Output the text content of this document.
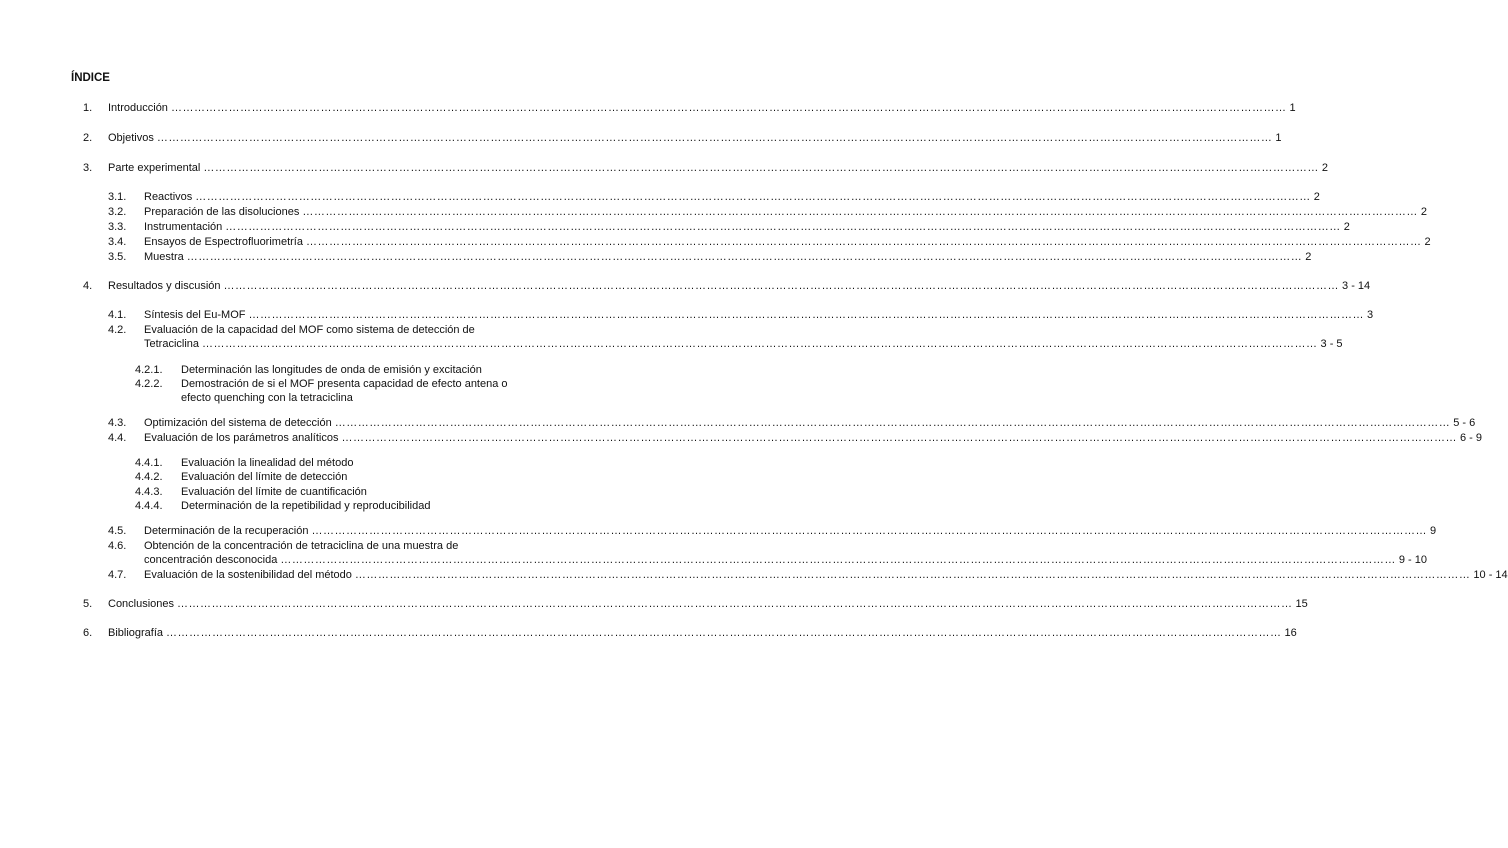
ÍNDICE
1. Introducción ………………………………………………………………………………………………………………………………………………………………………………………………………………………………………………………………… 1
2. Objetivos ………………………………………………………………………………………………………………………………………………………………………………………………………………………………………………………………… 1
3. Parte experimental ………………………………………………………………………………………………………………………………………………………………………………………………………………………………………………………………… 2
3.1. Reactivos ………………………………………………………………………………………………………………………………………………………………………………………………………………………………………………………………… 2
3.2. Preparación de las disoluciones ………………………………………………………………………………………………………………………………………………………………………………………………………………………………………………………………… 2
3.3. Instrumentación ………………………………………………………………………………………………………………………………………………………………………………………………………………………………………………………………… 2
3.4. Ensayos de Espectrofluorimetría ………………………………………………………………………………………………………………………………………………………………………………………………………………………………………………………………… 2
3.5. Muestra ………………………………………………………………………………………………………………………………………………………………………………………………………………………………………………………………… 2
4. Resultados y discusión ………………………………………………………………………………………………………………………………………………………………………………………………………………………………………………………………… 3 - 14
4.1. Síntesis del Eu-MOF ………………………………………………………………………………………………………………………………………………………………………………………………………………………………………………………………… 3
4.2. Evaluación de la capacidad del MOF como sistema de detección de
Tetraciclina ………………………………………………………………………………………………………………………………………………………………………………………………………………………………………………………………… 3 - 5
4.2.1. Determinación las longitudes de onda de emisión y excitación
4.2.2. Demostración de si el MOF presenta capacidad de efecto antena o
efecto quenching con la tetraciclina
4.3. Optimización del sistema de detección ………………………………………………………………………………………………………………………………………………………………………………………………………………………………………………………………… 5 - 6
4.4. Evaluación de los parámetros analíticos ………………………………………………………………………………………………………………………………………………………………………………………………………………………………………………………………… 6 - 9
4.4.1. Evaluación la linealidad del método
4.4.2. Evaluación del límite de detección
4.4.3. Evaluación del límite de cuantificación
4.4.4. Determinación de la repetibilidad y reproducibilidad
4.5. Determinación de la recuperación ………………………………………………………………………………………………………………………………………………………………………………………………………………………………………………………………… 9
4.6. Obtención de la concentración de tetraciclina de una muestra de
concentración desconocida ………………………………………………………………………………………………………………………………………………………………………………………………………………………………………………………………… 9 - 10
4.7. Evaluación de la sostenibilidad del método ………………………………………………………………………………………………………………………………………………………………………………………………………………………………………………………………… 10 - 14
5. Conclusiones ………………………………………………………………………………………………………………………………………………………………………………………………………………………………………………………………… 15
6. Bibliografía ………………………………………………………………………………………………………………………………………………………………………………………………………………………………………………………………… 16
